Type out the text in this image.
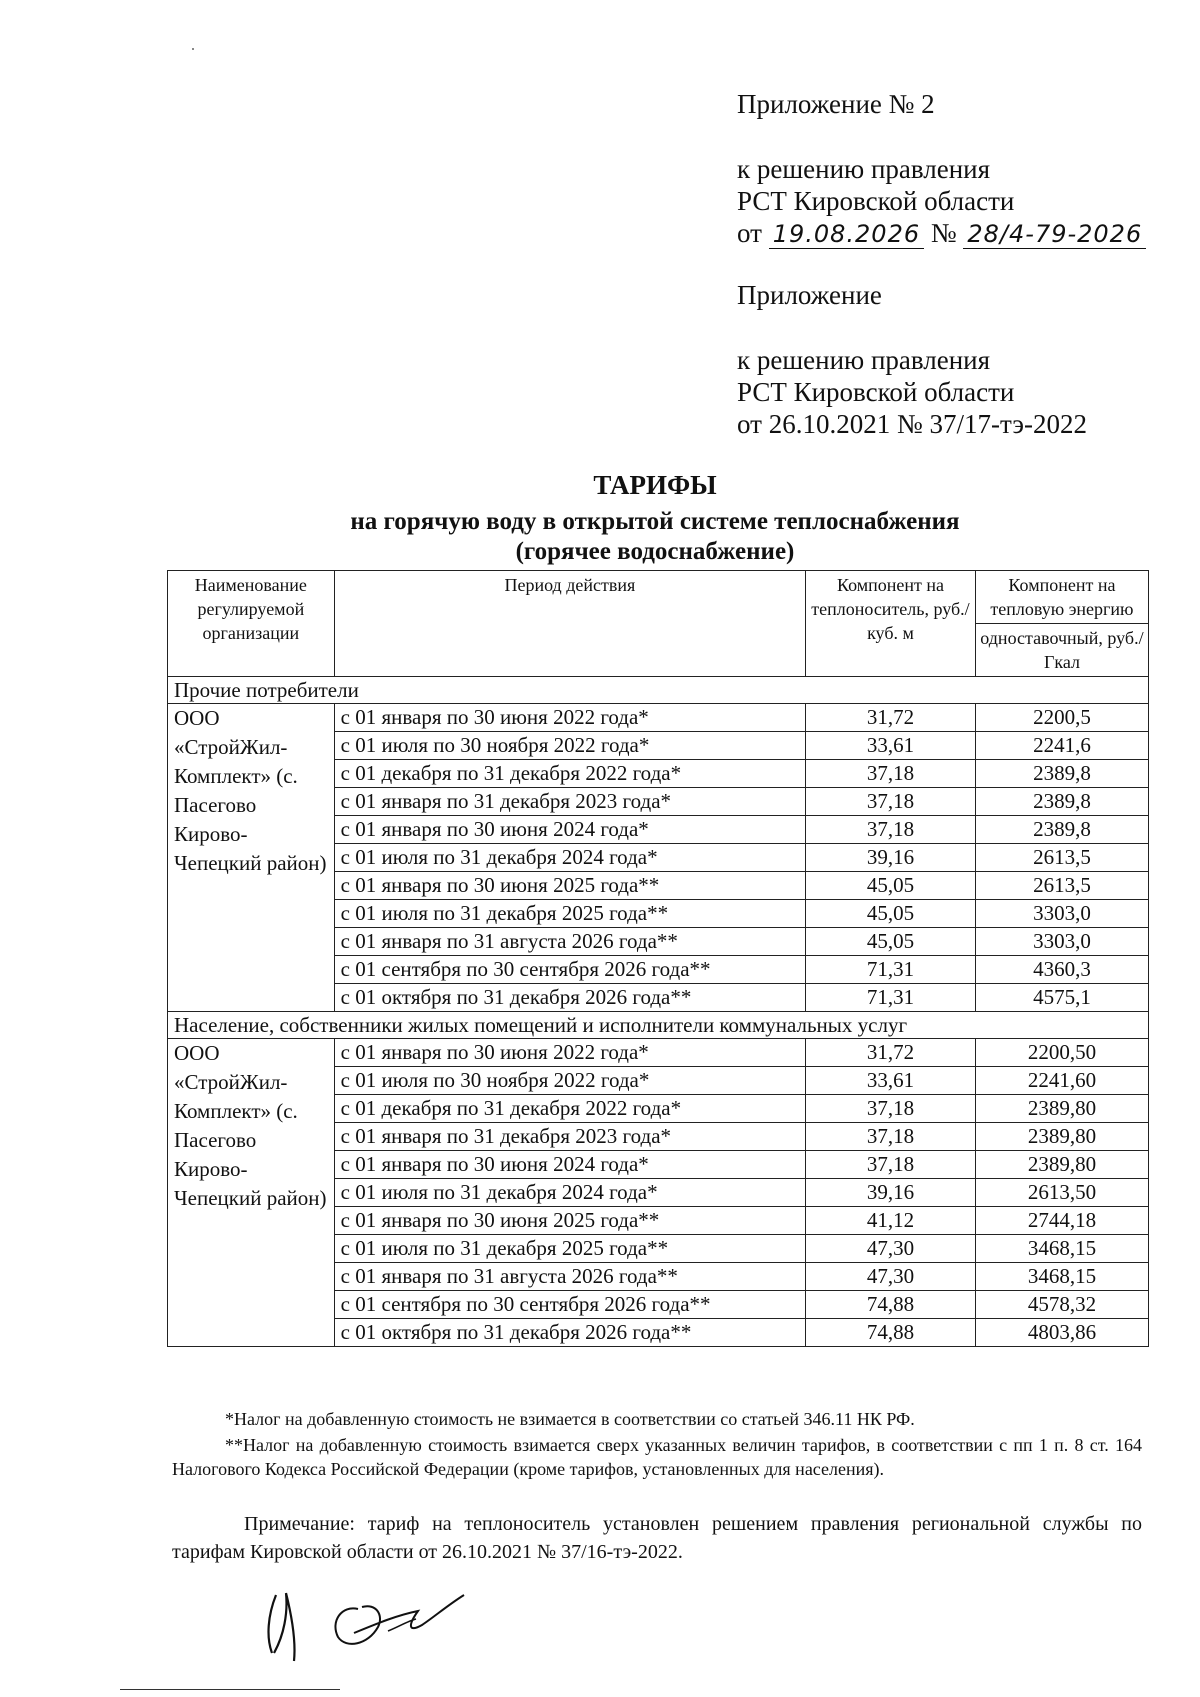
Приложение № 2
к решению правления
РСТ Кировской области
от 19.08.2026 № 28/4-79-2026
Приложение
к решению правления
РСТ Кировской области
от 26.10.2021 № 37/17-тэ-2022
ТАРИФЫ
на горячую воду в открытой системе теплоснабжения
(горячее водоснабжение)
Наименование регулируемой организации	Период действия	Компонент на теплоноситель, руб./куб. м	Компонент на тепловую энергию
			одноставочный, руб./Гкал
Прочие потребители			
ООО «СтройЖил-Комплект» (с. Пасегово Кирово-Чепецкий район)	с 01 января по 30 июня 2022 года*	31,72	2200,5
	с 01 июля по 30 ноября 2022 года*	33,61	2241,6
	с 01 декабря по 31 декабря 2022 года*	37,18	2389,8
	с 01 января по 31 декабря 2023 года*	37,18	2389,8
	с 01 января по 30 июня 2024 года*	37,18	2389,8
	с 01 июля по 31 декабря 2024 года*	39,16	2613,5
	с 01 января по 30 июня 2025 года**	45,05	2613,5
	с 01 июля по 31 декабря 2025 года**	45,05	3303,0
	с 01 января по 31 августа 2026 года**	45,05	3303,0
	с 01 сентября по 30 сентября 2026 года**	71,31	4360,3
	с 01 октября по 31 декабря 2026 года**	71,31	4575,1
Население, собственники жилых помещений и исполнители коммунальных услуг			
ООО «СтройЖил-Комплект» (с. Пасегово Кирово-Чепецкий район)	с 01 января по 30 июня 2022 года*	31,72	2200,50
	с 01 июля по 30 ноября 2022 года*	33,61	2241,60
	с 01 декабря по 31 декабря 2022 года*	37,18	2389,80
	с 01 января по 31 декабря 2023 года*	37,18	2389,80
	с 01 января по 30 июня 2024 года*	37,18	2389,80
	с 01 июля по 31 декабря 2024 года*	39,16	2613,50
	с 01 января по 30 июня 2025 года**	41,12	2744,18
	с 01 июля по 31 декабря 2025 года**	47,30	3468,15
	с 01 января по 31 августа 2026 года**	47,30	3468,15
	с 01 сентября по 30 сентября 2026 года**	74,88	4578,32
	с 01 октября по 31 декабря 2026 года**	74,88	4803,86
*Налог на добавленную стоимость не взимается в соответствии со статьей 346.11 НК РФ.
**Налог на добавленную стоимость взимается сверх указанных величин тарифов, в соответствии с пп 1 п. 8 ст. 164 Налогового Кодекса Российской Федерации (кроме тарифов, установленных для населения).
Примечание: тариф на теплоноситель установлен решением правления региональной службы по тарифам Кировской области от 26.10.2021 № 37/16-тэ-2022.
